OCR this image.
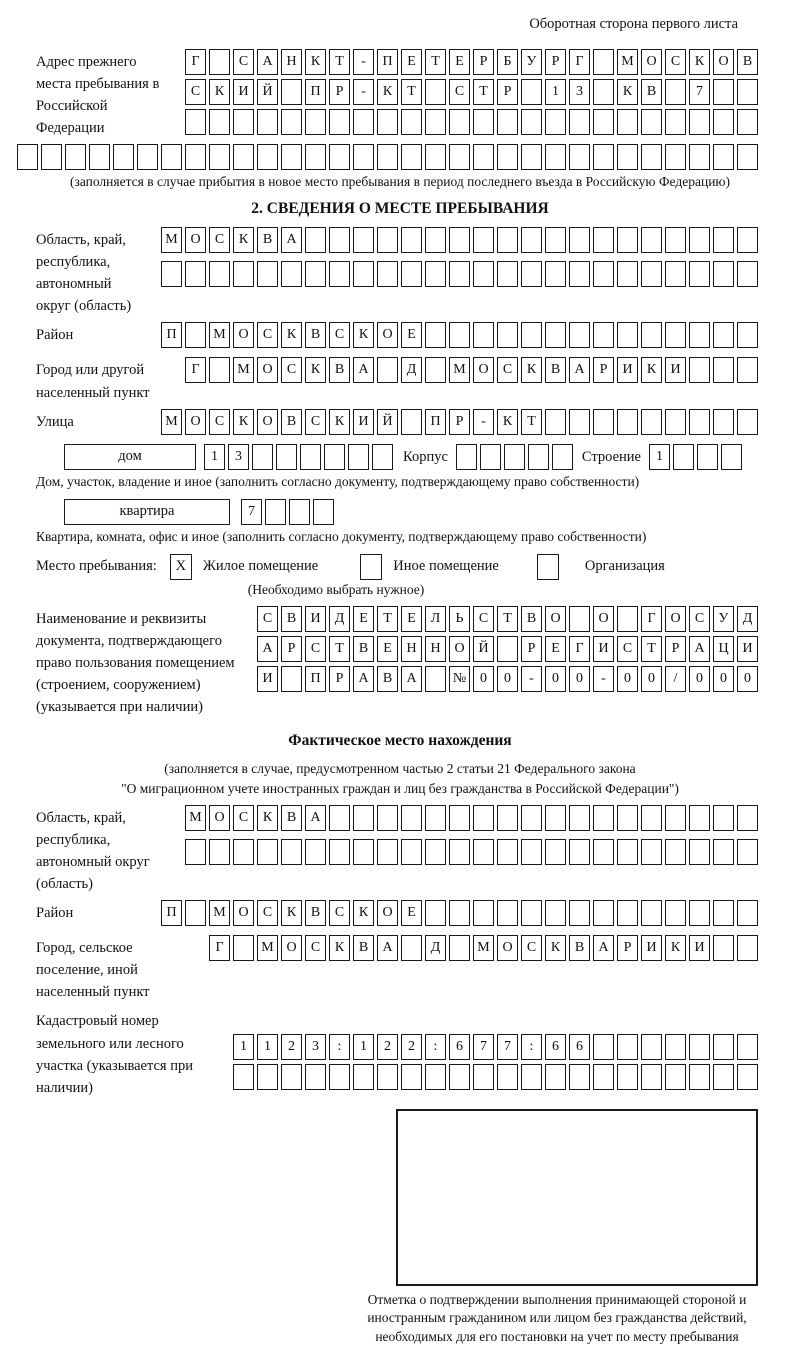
Оборотная сторона первого листа
Адрес прежнего места пребывания в Российской Федерации
Г	С	А Н	К	Т	-	П	Е	Т	Е	Р	Б	У	Р	Г	М О	С	К	О	В
С	К	И Й	П	Р	-	К	Т	С	Т	Р	1	3	К	В	7
(заполняется в случае прибытия в новое место пребывания в период последнего въезда в Российскую Федерацию)
2. СВЕДЕНИЯ О МЕСТЕ ПРЕБЫВАНИЯ
Область, край, республика, автономный округ (область)
М О	С	К	В	А
Район	П	М О	С	К	В	С	К	О	Е
Город или другой населенный пункт
Г	М О	С	К	В	А	Д	М О	С	К	В	А	Р	И	К	И
Улица	М О	С	К	О	В	С	К	И Й	П	Р	-	К	Т
дом	1	3	Корпус	Строение	1
Дом, участок, владение и иное (заполнить согласно документу, подтверждающему право собственности)
квартира	7
Квартира, комната, офис и иное (заполнить согласно документу, подтверждающему право собственности)
Место пребывания:	X	Жилое помещение	Иное помещение	Организация
(Необходимо выбрать нужное)
Наименование и реквизиты документа, подтверждающего право пользования помещением (строением, сооружением) (указывается при наличии)
С	В	И	Д	Е	Т	Е	Л	Ь	С	Т	В	О	О	Г	О	С	У	Д
А	Р	С	Т	В	Е	Н Н О Й	Р	Е	Г	И	С	Т	Р	А Ц И
И	П	Р	А	В	А	№ 0	0	-	0	0	-	0	0	/	0	0	0
Фактическое место нахождения
(заполняется в случае, предусмотренном частью 2 статьи 21 Федерального закона
"О миграционном учете иностранных граждан и лиц без гражданства в Российской Федерации")
Область, край, республика, автономный округ (область)
М О	С	К	В	А
Район	П	М О	С	К	В	С	К	О	Е
Город, сельское поселение, иной населенный пункт
Г	М О	С	К	В	А	Д	М О	С	К	В	А	Р	И	К	И
Кадастровый номер земельного или лесного участка (указывается при наличии)
1	1	2	3	:	1	2	2	:	6	7	7	:	6	6
Отметка о подтверждении выполнения принимающей стороной и иностранным гражданином или лицом без гражданства действий, необходимых для его постановки на учет по месту пребывания
